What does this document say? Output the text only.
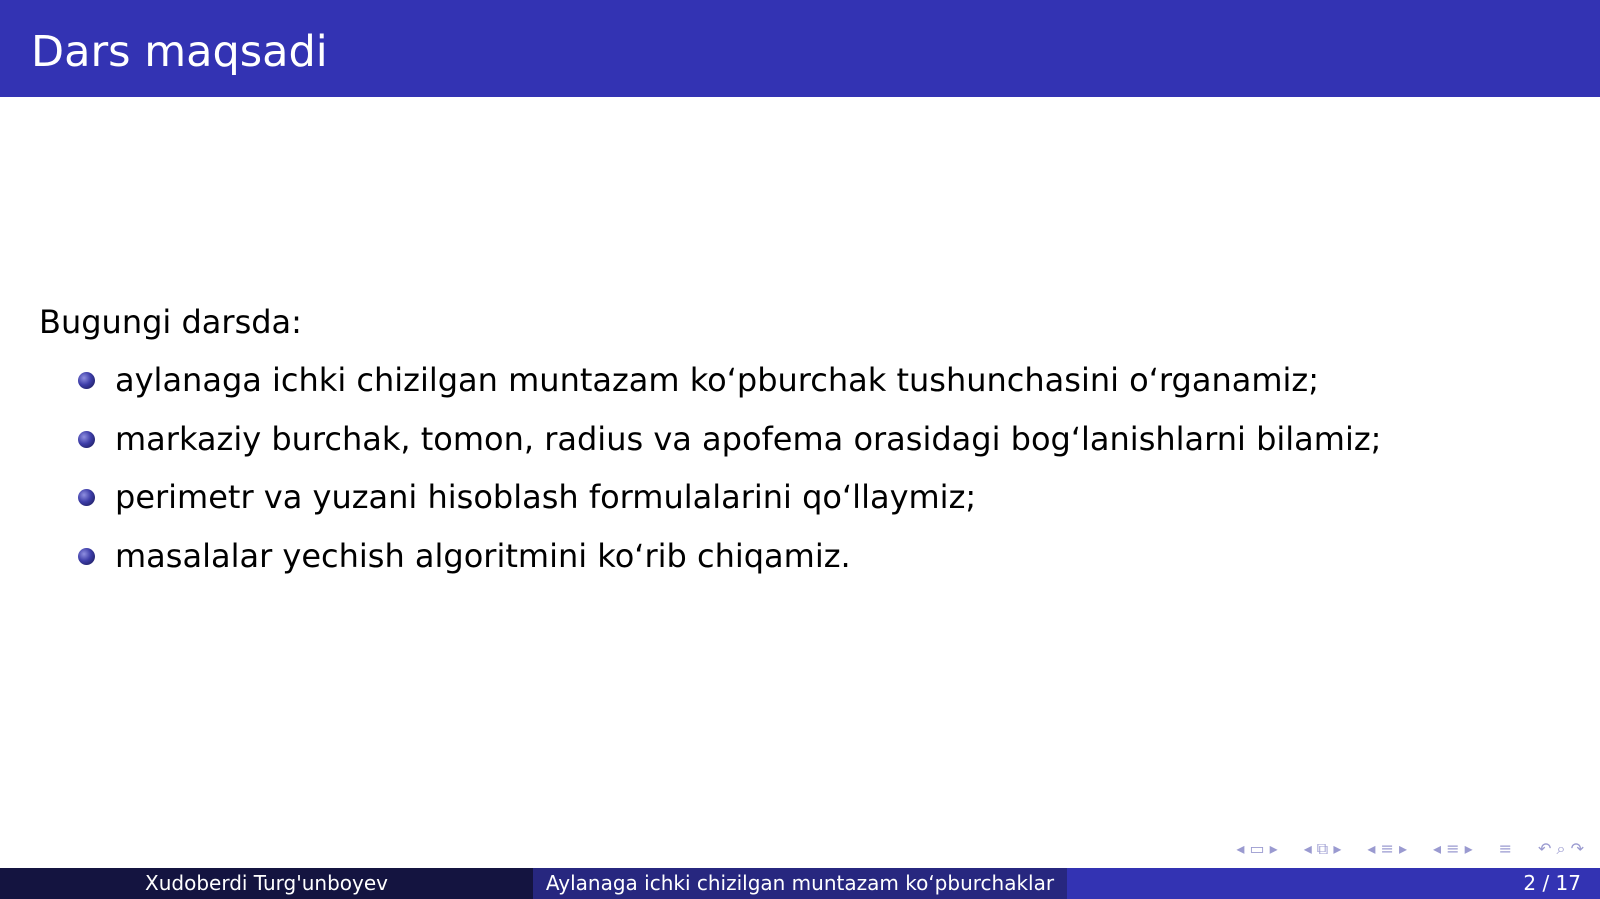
Dars maqsadi
Bugungi darsda:
aylanaga ichki chizilgan muntazam ko‘pburchak tushunchasini o‘rganamiz;
markaziy burchak, tomon, radius va apofema orasidagi bog‘lanishlarni bilamiz;
perimetr va yuzani hisoblash formulalarini qo‘llaymiz;
masalalar yechish algoritmini ko‘rib chiqamiz.
◂ ▭ ▸ ◂ ⧉ ▸ ◂ ≡ ▸ ◂ ≡ ▸ ≡ ↶ ⌕ ↷
Xudoberdi Turg'unboyev	Aylanaga ichki chizilgan muntazam ko‘pburchaklar	2 / 17
